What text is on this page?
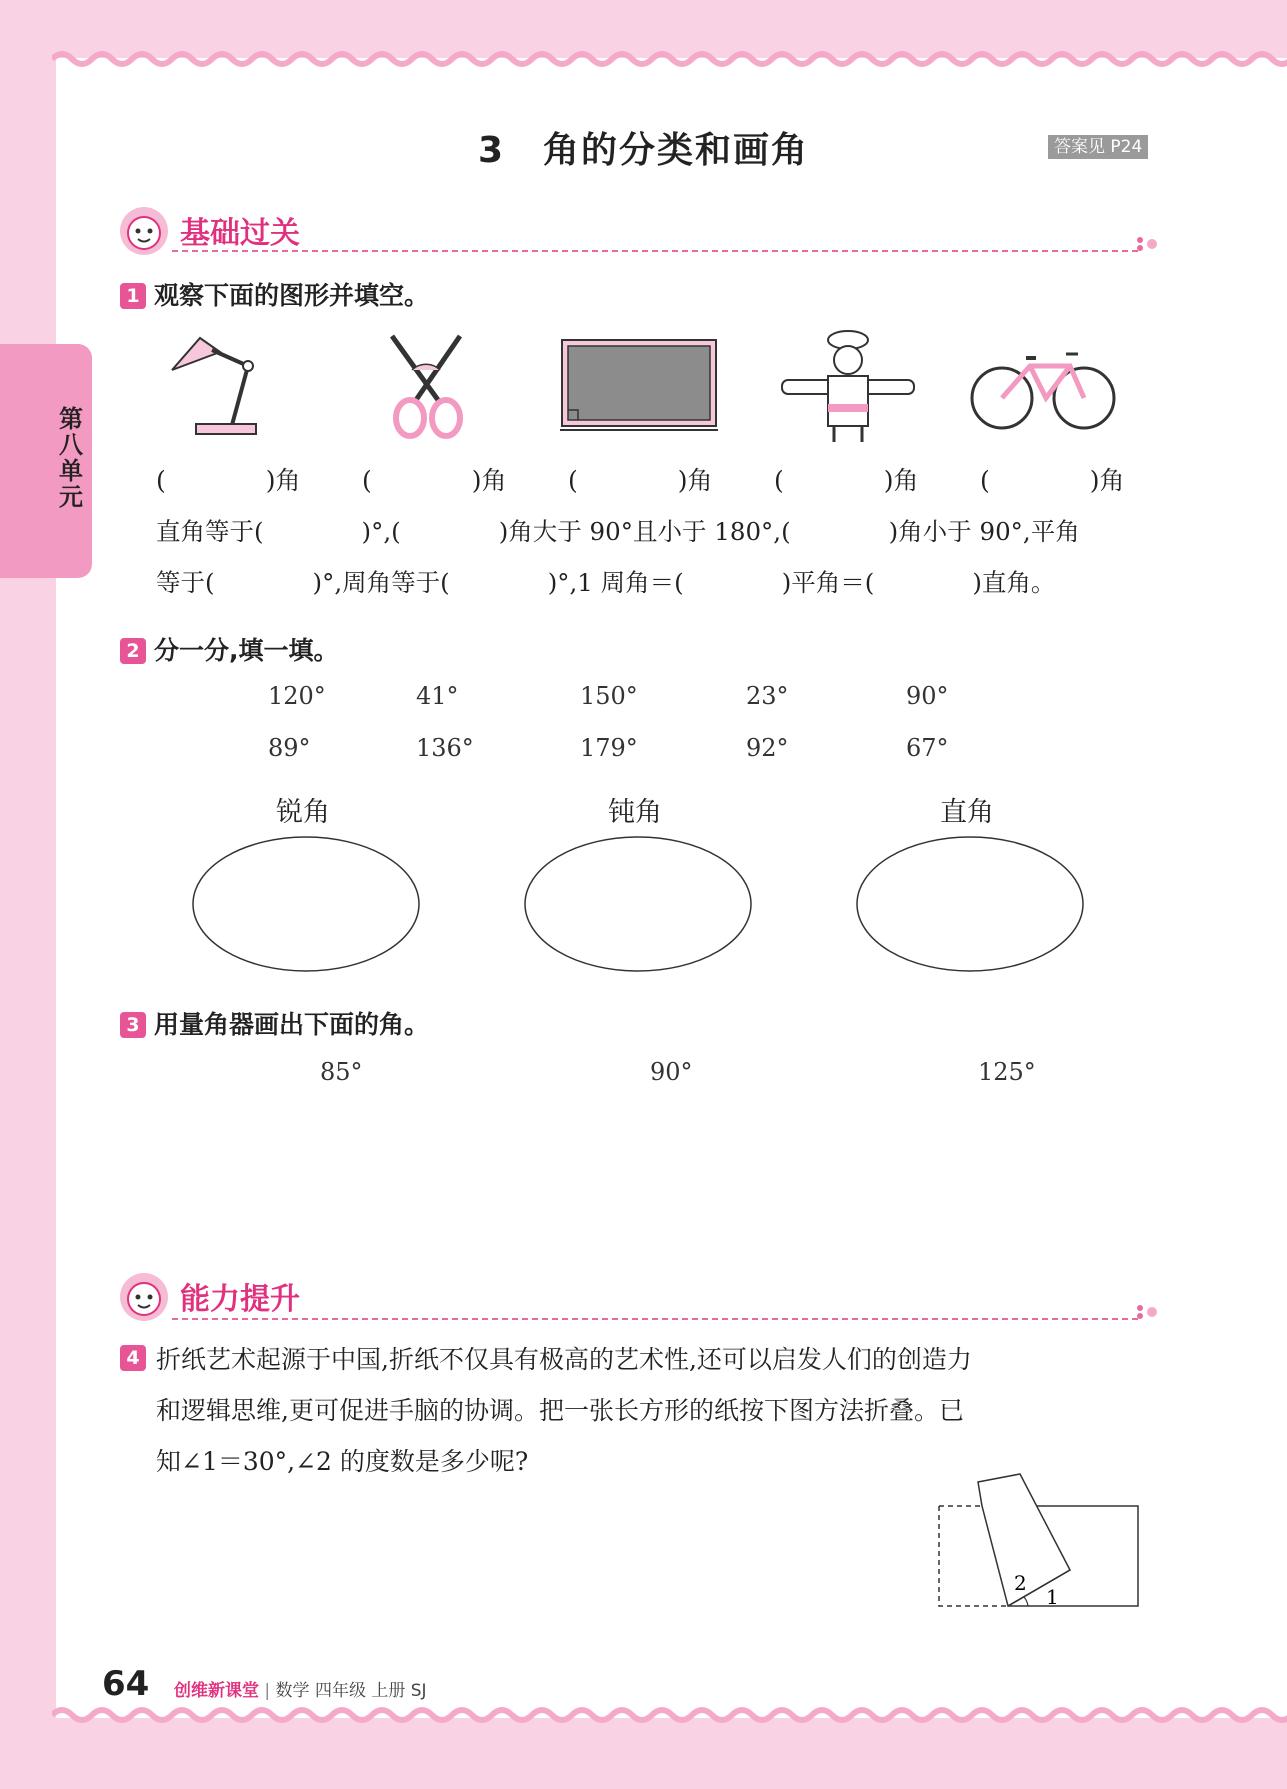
第八单元
3　角的分类和画角	答案见 P24
基础过关
1 观察下面的图形并填空。
(　　　　)角 (　　　　)角 (　　　　)角 (　　　　)角 (　　　　)角
直角等于(　　　　)°,(　　　　)角大于 90°且小于 180°,(　　　　)角小于 90°,平角
等于(　　　　)°,周角等于(　　　　)°,1 周角＝(　　　　)平角＝(　　　　)直角。
2 分一分,填一填。
120°	41°	150°	23°	90°
89°	136°	179°	92°	67°
锐角	钝角	直角
3 用量角器画出下面的角。
85°	90°	125°
能力提升
4 折纸艺术起源于中国,折纸不仅具有极高的艺术性,还可以启发人们的创造力
和逻辑思维,更可促进手脑的协调。把一张长方形的纸按下图方法折叠。已
知∠1＝30°,∠2 的度数是多少呢?
2
1
64 创维新课堂 | 数学 四年级 上册 SJ
